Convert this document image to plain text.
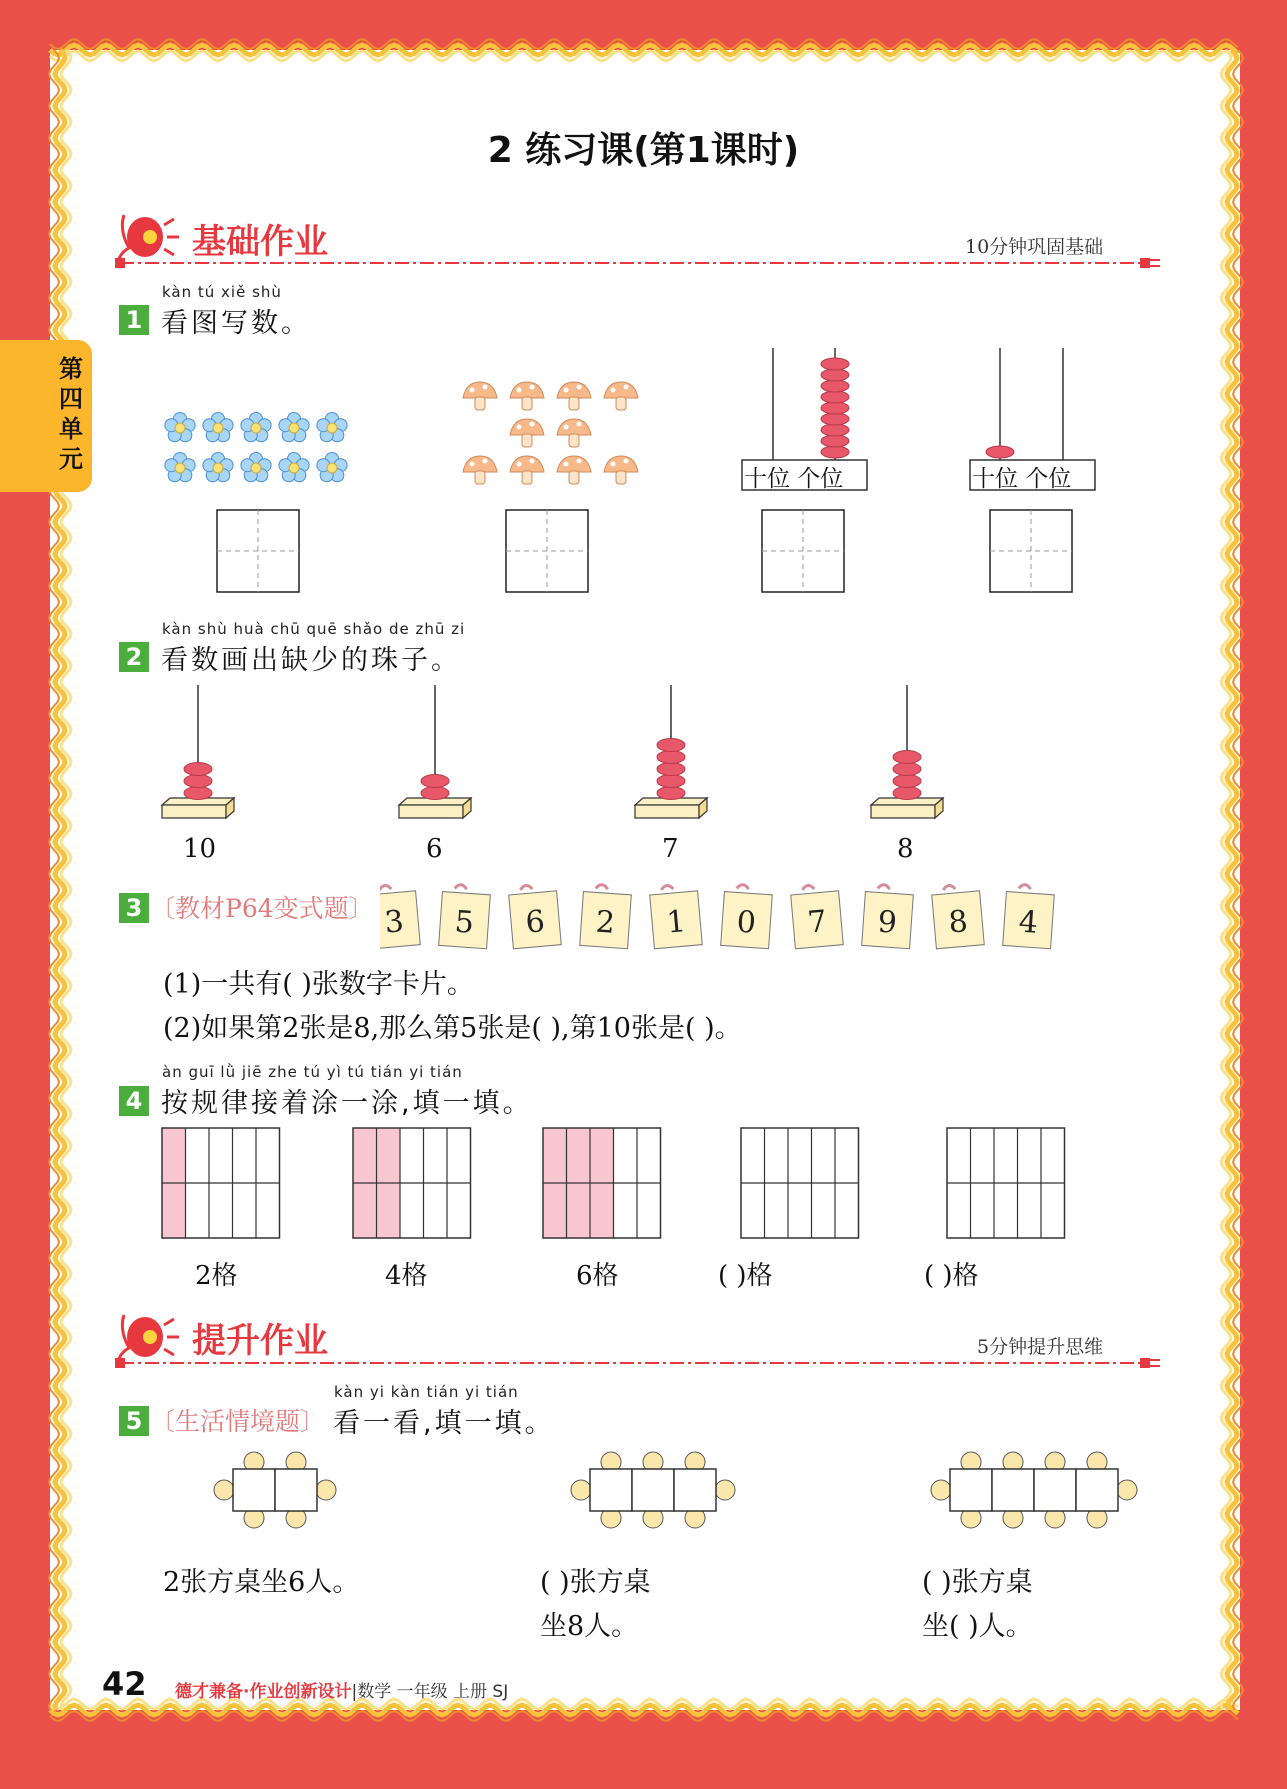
第四单元
2 练习课(第1课时)
基础作业	10分钟巩固基础
kàn tú xiě shù
1 看图写数。
十位 个位	十位 个位
kàn shù huà chū quē shǎo de zhū zi
2 看数画出缺少的珠子。
10	6	7	8
3 〔教材P64变式题〕 3 5 6 2 1 0 7 9 8 4
(1)一共有( )张数字卡片。
(2)如果第2张是8,那么第5张是( ),第10张是( )。
àn guī lǜ jiē zhe tú yì tú tián yi tián
4 按规律接着涂一涂,填一填。
2格	4格	6格	( )格	( )格
提升作业	5分钟提升思维
kàn yi kàn tián yi tián
5 〔生活情境题〕 看一看,填一填。
2张方桌坐6人。	( )张方桌
坐8人。
( )张方桌
坐( )人。
42 德才兼备·作业创新设计|数学 一年级 上册 SJ
